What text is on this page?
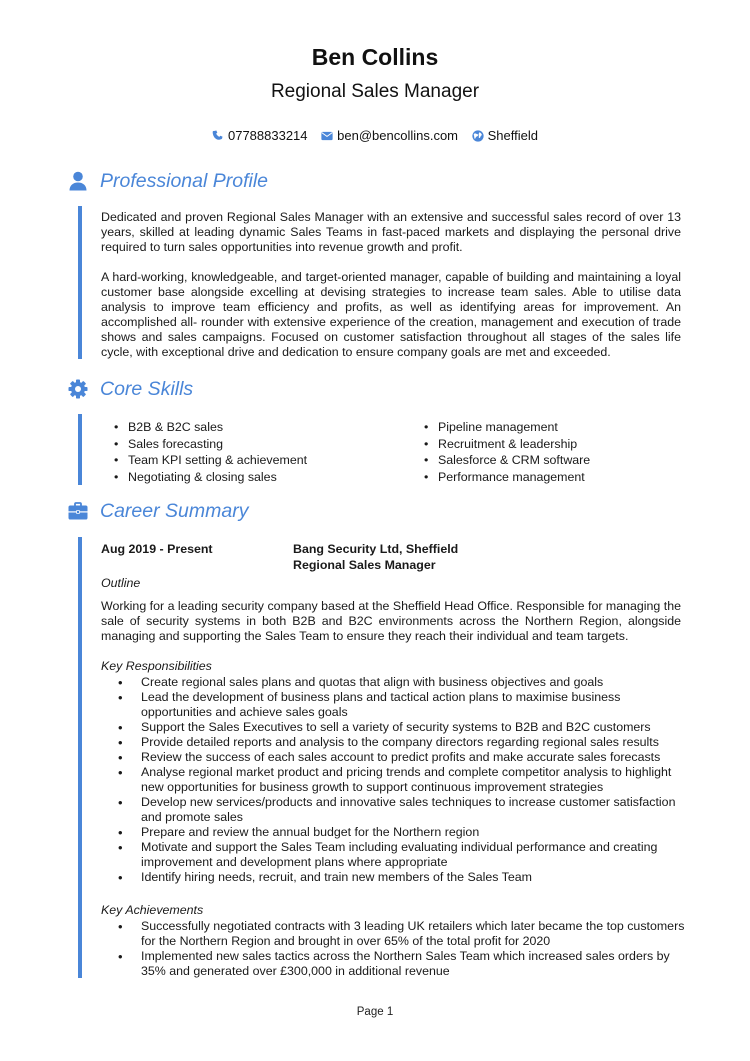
Ben Collins
Regional Sales Manager
07788833214
ben@bencollins.com
Sheffield
Professional Profile
Dedicated and proven Regional Sales Manager with an extensive and successful sales record of over 13 years, skilled at leading dynamic Sales Teams in fast-paced markets and displaying the personal drive required to turn sales opportunities into revenue growth and profit.
A hard-working, knowledgeable, and target-oriented manager, capable of building and maintaining a loyal customer base alongside excelling at devising strategies to increase team sales. Able to utilise data analysis to improve team efficiency and profits, as well as identifying areas for improvement. An accomplished all- rounder with extensive experience of the creation, management and execution of trade shows and sales campaigns. Focused on customer satisfaction throughout all stages of the sales life cycle, with exceptional drive and dedication to ensure company goals are met and exceeded.
Core Skills
• B2B & B2C sales
• Sales forecasting
• Team KPI setting & achievement
• Negotiating & closing sales
• Pipeline management
• Recruitment & leadership
• Salesforce & CRM software
• Performance management
Career Summary
Aug 2019 - Present	Bang Security Ltd, Sheffield
Regional Sales Manager
Outline
Working for a leading security company based at the Sheffield Head Office. Responsible for managing the sale of security systems in both B2B and B2C environments across the Northern Region, alongside managing and supporting the Sales Team to ensure they reach their individual and team targets.
Key Responsibilities
• Create regional sales plans and quotas that align with business objectives and goals
• Lead the development of business plans and tactical action plans to maximise business opportunities and achieve sales goals
• Support the Sales Executives to sell a variety of security systems to B2B and B2C customers
• Provide detailed reports and analysis to the company directors regarding regional sales results
• Review the success of each sales account to predict profits and make accurate sales forecasts
• Analyse regional market product and pricing trends and complete competitor analysis to highlight new opportunities for business growth to support continuous improvement strategies
• Develop new services/products and innovative sales techniques to increase customer satisfaction and promote sales
• Prepare and review the annual budget for the Northern region
• Motivate and support the Sales Team including evaluating individual performance and creating improvement and development plans where appropriate
• Identify hiring needs, recruit, and train new members of the Sales Team
Key Achievements
• Successfully negotiated contracts with 3 leading UK retailers which later became the top customers for the Northern Region and brought in over 65% of the total profit for 2020
• Implemented new sales tactics across the Northern Sales Team which increased sales orders by 35% and generated over £300,000 in additional revenue
Page 1
